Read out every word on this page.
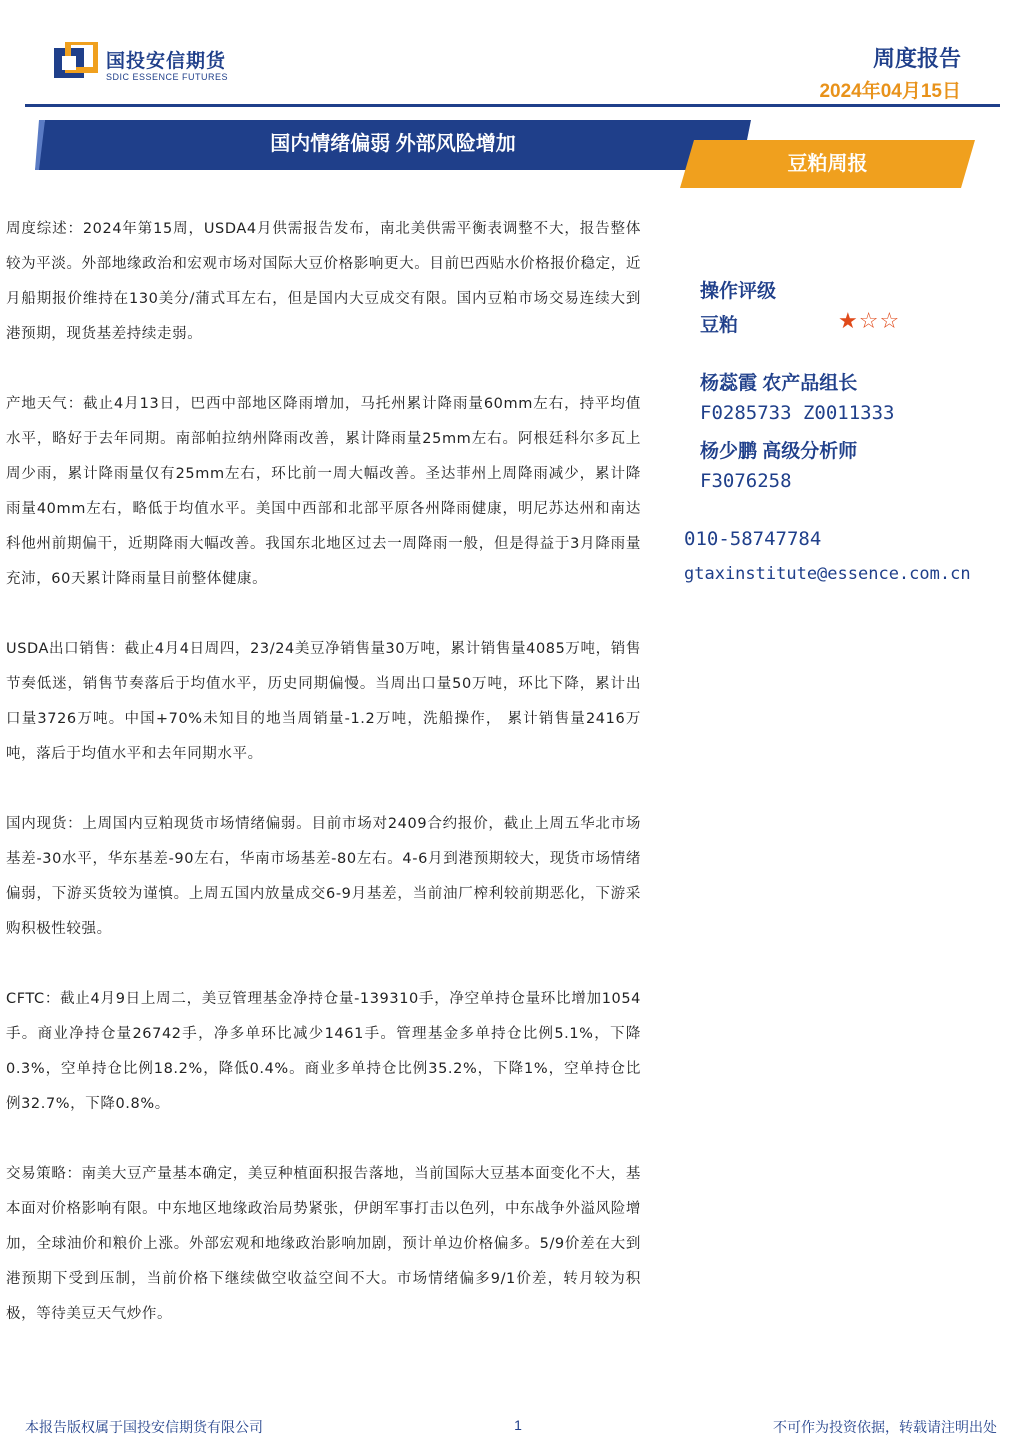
国投安信期货
SDIC ESSENCE FUTURES
周度报告
2024年04月15日
国内情绪偏弱 外部风险增加
豆粕周报

周度综述：2024年第15周，USDA4月供需报告发布，南北美供需平衡表调整不大，报告整体较为平淡。外部地缘政治和宏观市场对国际大豆价格影响更大。目前巴西贴水价格报价稳定，近月船期报价维持在130美分/蒲式耳左右，但是国内大豆成交有限。国内豆粕市场交易连续大到港预期，现货基差持续走弱。

产地天气：截止4月13日，巴西中部地区降雨增加，马托州累计降雨量60mm左右，持平均值水平，略好于去年同期。南部帕拉纳州降雨改善，累计降雨量25mm左右。阿根廷科尔多瓦上周少雨，累计降雨量仅有25mm左右，环比前一周大幅改善。圣达菲州上周降雨减少，累计降雨量40mm左右，略低于均值水平。美国中西部和北部平原各州降雨健康，明尼苏达州和南达科他州前期偏干，近期降雨大幅改善。我国东北地区过去一周降雨一般，但是得益于3月降雨量充沛，60天累计降雨量目前整体健康。

USDA出口销售：截止4月4日周四，23/24美豆净销售量30万吨，累计销售量4085万吨，销售节奏低迷，销售节奏落后于均值水平，历史同期偏慢。当周出口量50万吨，环比下降，累计出口量3726万吨。中国+70%未知目的地当周销量-1.2万吨，洗船操作， 累计销售量2416万吨，落后于均值水平和去年同期水平。

国内现货：上周国内豆粕现货市场情绪偏弱。目前市场对2409合约报价，截止上周五华北市场基差-30水平，华东基差-90左右，华南市场基差-80左右。4-6月到港预期较大，现货市场情绪偏弱，下游买货较为谨慎。上周五国内放量成交6-9月基差，当前油厂榨利较前期恶化，下游采购积极性较强。

CFTC：截止4月9日上周二，美豆管理基金净持仓量-139310手，净空单持仓量环比增加1054手。商业净持仓量26742手，净多单环比减少1461手。管理基金多单持仓比例5.1%，下降0.3%，空单持仓比例18.2%，降低0.4%。商业多单持仓比例35.2%，下降1%，空单持仓比例32.7%，下降0.8%。

交易策略：南美大豆产量基本确定，美豆种植面积报告落地，当前国际大豆基本面变化不大，基本面对价格影响有限。中东地区地缘政治局势紧张，伊朗军事打击以色列，中东战争外溢风险增加，全球油价和粮价上涨。外部宏观和地缘政治影响加剧，预计单边价格偏多。5/9价差在大到港预期下受到压制，当前价格下继续做空收益空间不大。市场情绪偏多9/1价差，转月较为积极，等待美豆天气炒作。

操作评级
豆粕	★☆☆
杨蕊霞 农产品组长
F0285733 Z0011333
杨少鹏 高级分析师
F3076258
010-58747784
gtaxinstitute@essence.com.cn
本报告版权属于国投安信期货有限公司	1	不可作为投资依据，转载请注明出处
